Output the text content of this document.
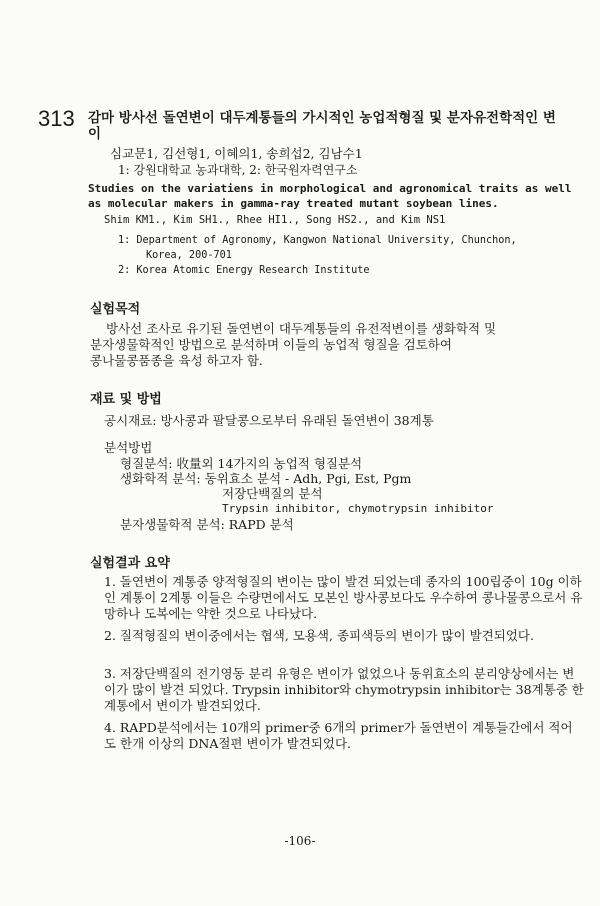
313 감마 방사선 돌연변이 대두계통들의 가시적인 농업적형질 및 분자유전학적인 변이
심교문1, 김선형1, 이혜의1, 송희섭2, 김남수1
1: 강원대학교 농과대학, 2: 한국원자력연구소
Studies on the variatiens in morphological and agronomical traits as well as molecular makers in gamma-ray treated mutant soybean lines.
Shim KM1., Kim SH1., Rhee HI1., Song HS2., and Kim NS1
1: Department of Agronomy, Kangwon National University, Chunchon,
Korea, 200-701
2: Korea Atomic Energy Research Institute
실험목적
방사선 조사로 유기된 돌연변이 대두계통들의 유전적변이를 생화학적 및
분자생물학적인 방법으로 분석하며 이들의 농업적 형질을 검토하여
콩나물콩품종을 육성 하고자 함.
재료 및 방법
공시재료: 방사콩과 팔달콩으로부터 유래된 돌연변이 38계통
분석방법
형질분석: 收量외 14가지의 농업적 형질분석
생화학적 분석: 동위효소 분석 - Adh, Pgi, Est, Pgm
저장단백질의 분석
Trypsin inhibitor, chymotrypsin inhibitor
분자생물학적 분석: RAPD 분석
실험결과 요약
1. 돌연변이 계통중 양적형질의 변이는 많이 발견 되었는데 종자의 100립중이 10g 이하인 계통이 2계통 이들은 수량면에서도 모본인 방사콩보다도 우수하여 콩나물콩으로서 유망하나 도복에는 약한 것으로 나타났다.
2. 질적형질의 변이중에서는 협색, 모용색, 종피색등의 변이가 많이 발견되었다.
3. 저장단백질의 전기영동 분리 유형은 변이가 없었으나 동위효소의 분리양상에서는 변이가 많이 발견 되었다. Trypsin inhibitor와 chymotrypsin inhibitor는 38계통중 한계통에서 변이가 발견되었다.
4. RAPD분석에서는 10개의 primer중 6개의 primer가 돌연변이 계통들간에서 적어도 한개 이상의 DNA절편 변이가 발견되었다.
-106-
